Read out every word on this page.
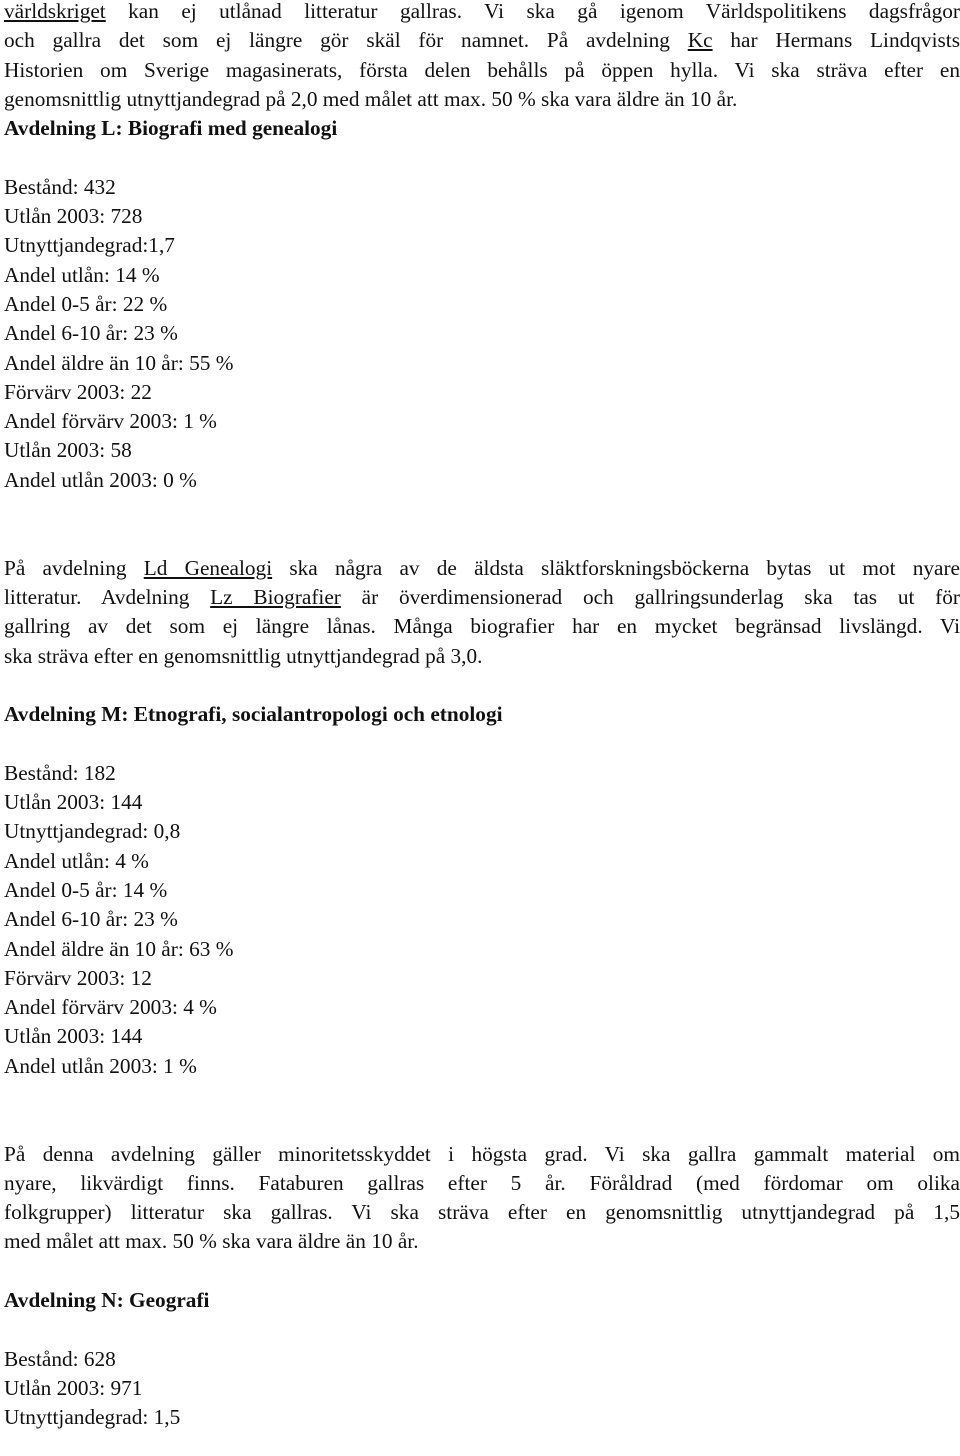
världskriget kan ej utlånad litteratur gallras. Vi ska gå igenom Världspolitikens dagsfrågor
och gallra det som ej längre gör skäl för namnet. På avdelning Kc har Hermans Lindqvists
Historien om Sverige magasinerats, första delen behålls på öppen hylla. Vi ska sträva efter en
genomsnittlig utnyttjandegrad på 2,0 med målet att max. 50 % ska vara äldre än 10 år.
Avdelning L: Biografi med genealogi
Bestånd: 432
Utlån 2003: 728
Utnyttjandegrad:1,7
Andel utlån: 14 %
Andel 0-5 år: 22 %
Andel 6-10 år: 23 %
Andel äldre än 10 år: 55 %
Förvärv 2003: 22
Andel förvärv 2003: 1 %
Utlån 2003: 58
Andel utlån 2003: 0 %
På avdelning Ld Genealogi ska några av de äldsta släktforskningsböckerna bytas ut mot nyare
litteratur. Avdelning Lz Biografier är överdimensionerad och gallringsunderlag ska tas ut för
gallring av det som ej längre lånas. Många biografier har en mycket begränsad livslängd. Vi
ska sträva efter en genomsnittlig utnyttjandegrad på 3,0.
Avdelning M: Etnografi, socialantropologi och etnologi
Bestånd: 182
Utlån 2003: 144
Utnyttjandegrad: 0,8
Andel utlån: 4 %
Andel 0-5 år: 14 %
Andel 6-10 år: 23 %
Andel äldre än 10 år: 63 %
Förvärv 2003: 12
Andel förvärv 2003: 4 %
Utlån 2003: 144
Andel utlån 2003: 1 %
På denna avdelning gäller minoritetsskyddet i högsta grad. Vi ska gallra gammalt material om
nyare, likvärdigt finns. Fataburen gallras efter 5 år. Föråldrad (med fördomar om olika
folkgrupper) litteratur ska gallras. Vi ska sträva efter en genomsnittlig utnyttjandegrad på 1,5
med målet att max. 50 % ska vara äldre än 10 år.
Avdelning N: Geografi
Bestånd: 628
Utlån 2003: 971
Utnyttjandegrad: 1,5
